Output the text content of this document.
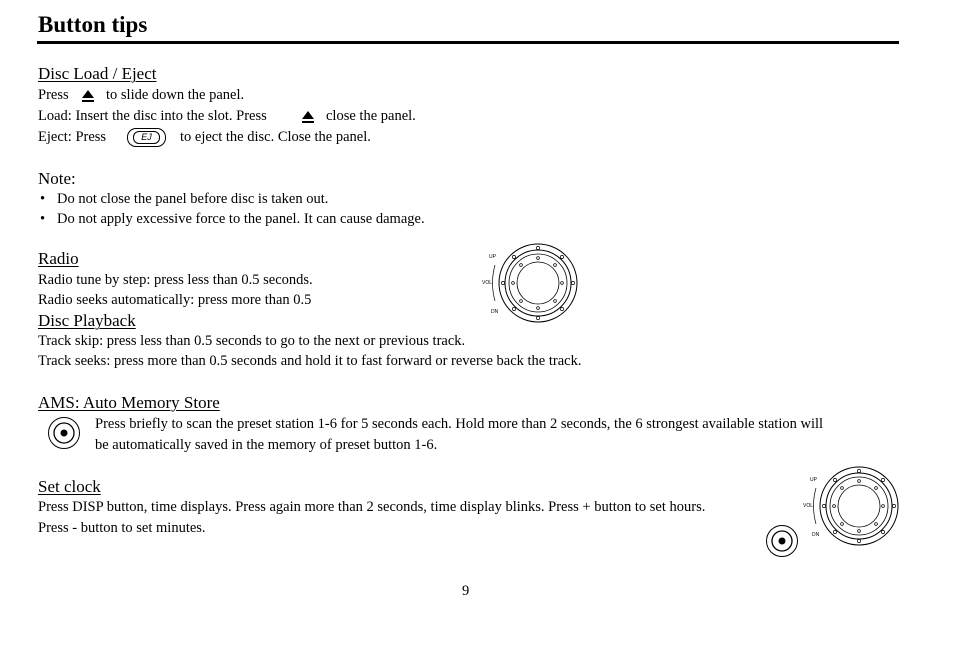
Button tips
Disc Load / Eject
Press	to slide down the panel.
Load: Insert the disc into the slot. Press	close the panel.
Eject: Press	EJ	to eject the disc. Close the panel.
Note:
• Do not close the panel before disc is taken out.
• Do not apply excessive force to the panel. It can cause damage.
Radio
Radio tune by step: press less than 0.5 seconds.
Radio seeks automatically: press more than 0.5
UP
VOL
DN
Disc Playback
Track skip: press less than 0.5 seconds to go to the next or previous track.
Track seeks: press more than 0.5 seconds and hold it to fast forward or reverse back the track.
AMS: Auto Memory Store
Press briefly to scan the preset station 1-6 for 5 seconds each. Hold more than 2 seconds, the 6 strongest available station will
be automatically saved in the memory of preset button 1-6.
Set clock
Press DISP button, time displays. Press again more than 2 seconds, time display blinks. Press + button to set hours.
Press - button to set minutes.
UP
VOL
DN
9
